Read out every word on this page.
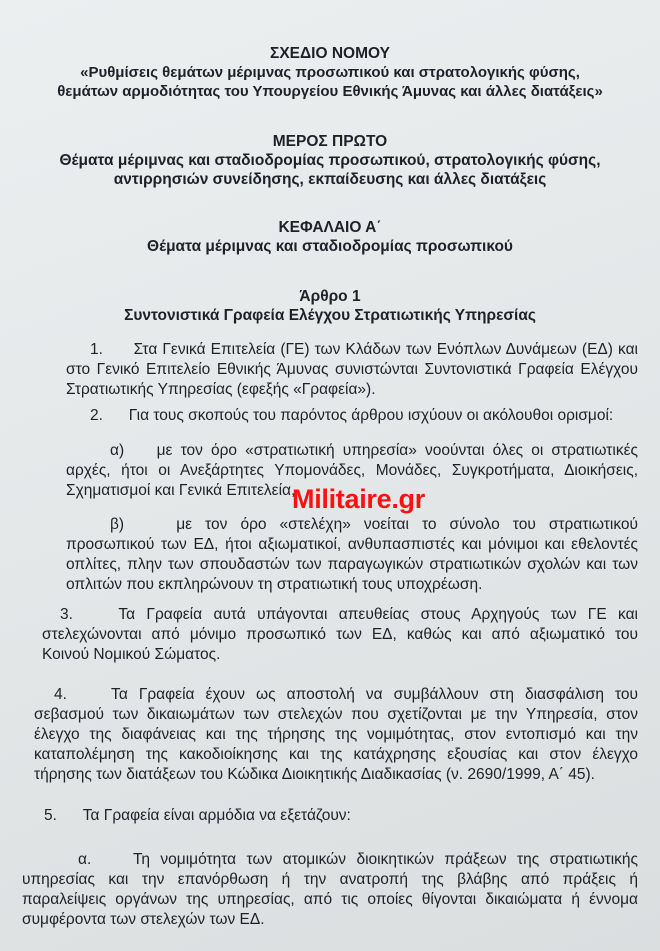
ΣΧΕΔΙΟ ΝΟΜΟΥ
«Ρυθμίσεις θεμάτων μέριμνας προσωπικού και στρατολογικής φύσης,
θεμάτων αρμοδιότητας του Υπουργείου Εθνικής Άμυνας και άλλες διατάξεις»
ΜΕΡΟΣ ΠΡΩΤΟ
Θέματα μέριμνας και σταδιοδρομίας προσωπικού, στρατολογικής φύσης,
αντιρρησιών συνείδησης, εκπαίδευσης και άλλες διατάξεις
ΚΕΦΑΛΑΙΟ Α΄
Θέματα μέριμνας και σταδιοδρομίας προσωπικού
Άρθρο 1
Συντονιστικά Γραφεία Ελέγχου Στρατιωτικής Υπηρεσίας
1.      Στα Γενικά Επιτελεία (ΓΕ) των Κλάδων των Ενόπλων Δυνάμεων (ΕΔ) και
στο Γενικό Επιτελείο Εθνικής Άμυνας συνιστώνται Συντονιστικά Γραφεία Ελέγχου
Στρατιωτικής Υπηρεσίας (εφεξής «Γραφεία»).
2.      Για τους σκοπούς του παρόντος άρθρου ισχύουν οι ακόλουθοι ορισμοί:
α)    με τον όρο «στρατιωτική υπηρεσία» νοούνται όλες οι στρατιωτικές
αρχές, ήτοι οι Ανεξάρτητες Υπομονάδες, Μονάδες, Συγκροτήματα, Διοικήσεις,
Σχηματισμοί και Γενικά Επιτελεία,
Militaire.gr
β)    με τον όρο «στελέχη» νοείται το σύνολο του στρατιωτικού
προσωπικού των ΕΔ, ήτοι αξιωματικοί, ανθυπασπιστές και μόνιμοι και εθελοντές
οπλίτες, πλην των σπουδαστών των παραγωγικών στρατιωτικών σχολών και των
οπλιτών που εκπληρώνουν τη στρατιωτική τους υποχρέωση.
3.    Τα Γραφεία αυτά υπάγονται απευθείας στους Αρχηγούς των ΓΕ και
στελεχώνονται από μόνιμο προσωπικό των ΕΔ, καθώς και από αξιωματικό του
Κοινού Νομικού Σώματος.
4.    Τα Γραφεία έχουν ως αποστολή να συμβάλλουν στη διασφάλιση του
σεβασμού των δικαιωμάτων των στελεχών που σχετίζονται με την Υπηρεσία, στον
έλεγχο της διαφάνειας και της τήρησης της νομιμότητας, στον εντοπισμό και την
καταπολέμηση της κακοδιοίκησης και της κατάχρησης εξουσίας και στον έλεγχο
τήρησης των διατάξεων του Κώδικα Διοικητικής Διαδικασίας (ν. 2690/1999, Α΄ 45).
5.      Τα Γραφεία είναι αρμόδια να εξετάζουν:
α.    Τη νομιμότητα των ατομικών διοικητικών πράξεων της στρατιωτικής
υπηρεσίας και την επανόρθωση ή την ανατροπή της βλάβης από πράξεις ή
παραλείψεις οργάνων της υπηρεσίας, από τις οποίες θίγονται δικαιώματα ή έννομα
συμφέροντα των στελεχών των ΕΔ.
